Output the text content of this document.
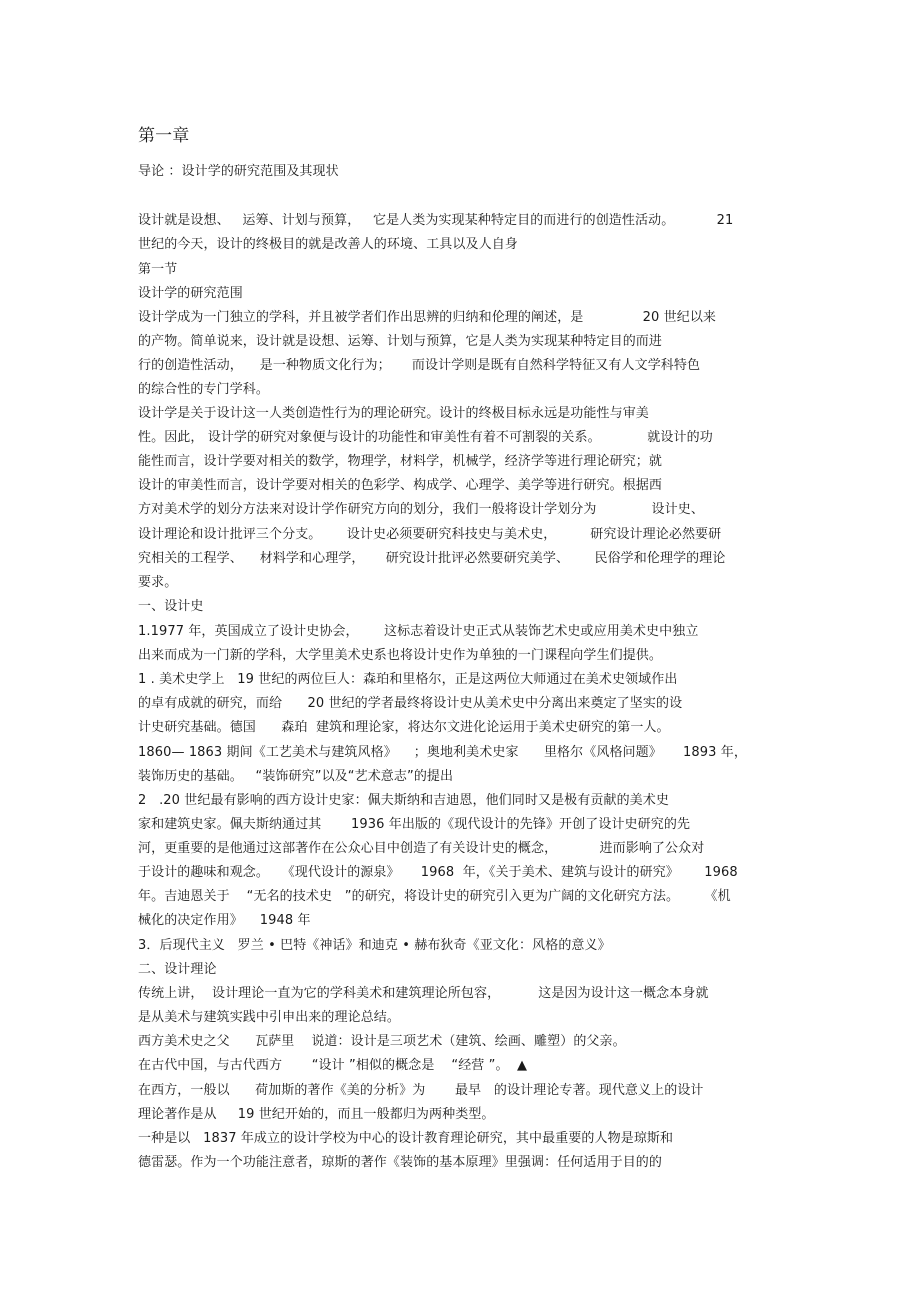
第一章
导论 ：设计学的研究范围及其现状
设计就是设想、   运筹、计划与预算，   它是人类为实现某种特定目的而进行的创造性活动。          21
世纪的今天，设计的终极目的就是改善人的环境、工具以及人自身
第一节
设计学的研究范围
设计学成为一门独立的学科，并且被学者们作出思辨的归纳和伦理的阐述，是              20 世纪以来
的产物。简单说来，设计就是设想、运筹、计划与预算，它是人类为实现某种特定目的而进
行的创造性活动，    是一种物质文化行为；     而设计学则是既有自然科学特征又有人文学科特色
的综合性的专门学科。
设计学是关于设计这一人类创造性行为的理论研究。设计的终极目标永远是功能性与审美
性。因此， 设计学的研究对象便与设计的功能性和审美性有着不可割裂的关系。           就设计的功
能性而言，设计学要对相关的数学，物理学，材料学，机械学，经济学等进行理论研究；就
设计的审美性而言，设计学要对相关的色彩学、构成学、心理学、美学等进行研究。根据西
方对美术学的划分方法来对设计学作研究方向的划分，我们一般将设计学划分为             设计史、
设计理论和设计批评三个分支。      设计史必须要研究科技史与美术史，        研究设计理论必然要研
究相关的工程学、    材料学和心理学，     研究设计批评必然要研究美学、      民俗学和伦理学的理论
要求。
一、设计史
1.1977 年，英国成立了设计史协会，      这标志着设计史正式从装饰艺术史或应用美术史中独立
出来而成为一门新的学科，大学里美术史系也将设计史作为单独的一门课程向学生们提供。
1 . 美术史学上   19 世纪的两位巨人：森珀和里格尔，正是这两位大师通过在美术史领域作出
的卓有成就的研究，而给      20 世纪的学者最终将设计史从美术史中分离出来奠定了坚实的设
计史研究基础。德国      森珀  建筑和理论家，将达尔文进化论运用于美术史研究的第一人。
1860— 1863 期间《工艺美术与建筑风格》    ；奥地利美术史家      里格尔《风格问题》     1893 年，
装饰历史的基础。   “装饰研究”以及“艺术意志”的提出
2   .20 世纪最有影响的西方设计史家：佩夫斯纳和吉迪恩，他们同时又是极有贡献的美术史
家和建筑史家。佩夫斯纳通过其       1936 年出版的《现代设计的先锋》开创了设计史研究的先
河，更重要的是他通过这部著作在公众心目中创造了有关设计史的概念，          进而影响了公众对
于设计的趣味和观念。   《现代设计的源泉》     1968  年，《关于美术、建筑与设计的研究》      1968
年。吉迪恩关于    “无名的技术史   ”的研究，将设计史的研究引入更为广阔的文化研究方法。      《机
械化的决定作用》    1948 年
3．后现代主义   罗兰 • 巴特《神话》和迪克 • 赫布狄奇《亚文化：风格的意义》
二、设计理论
传统上讲，  设计理论一直为它的学科美术和建筑理论所包容，         这是因为设计这一概念本身就
是从美术与建筑实践中引申出来的理论总结。
西方美术史之父      瓦萨里    说道：设计是三项艺术（建筑、绘画、雕塑）的父亲。
在古代中国，与古代西方       “设计 ”相似的概念是    “经营 ”。  ▲
在西方，一般以      荷加斯的著作《美的分析》为       最早   的设计理论专著。现代意义上的设计
理论著作是从     19 世纪开始的，而且一般都归为两种类型。
一种是以   1837 年成立的设计学校为中心的设计教育理论研究，其中最重要的人物是琼斯和
德雷瑟。作为一个功能注意者，琼斯的著作《装饰的基本原理》里强调：任何适用于目的的
